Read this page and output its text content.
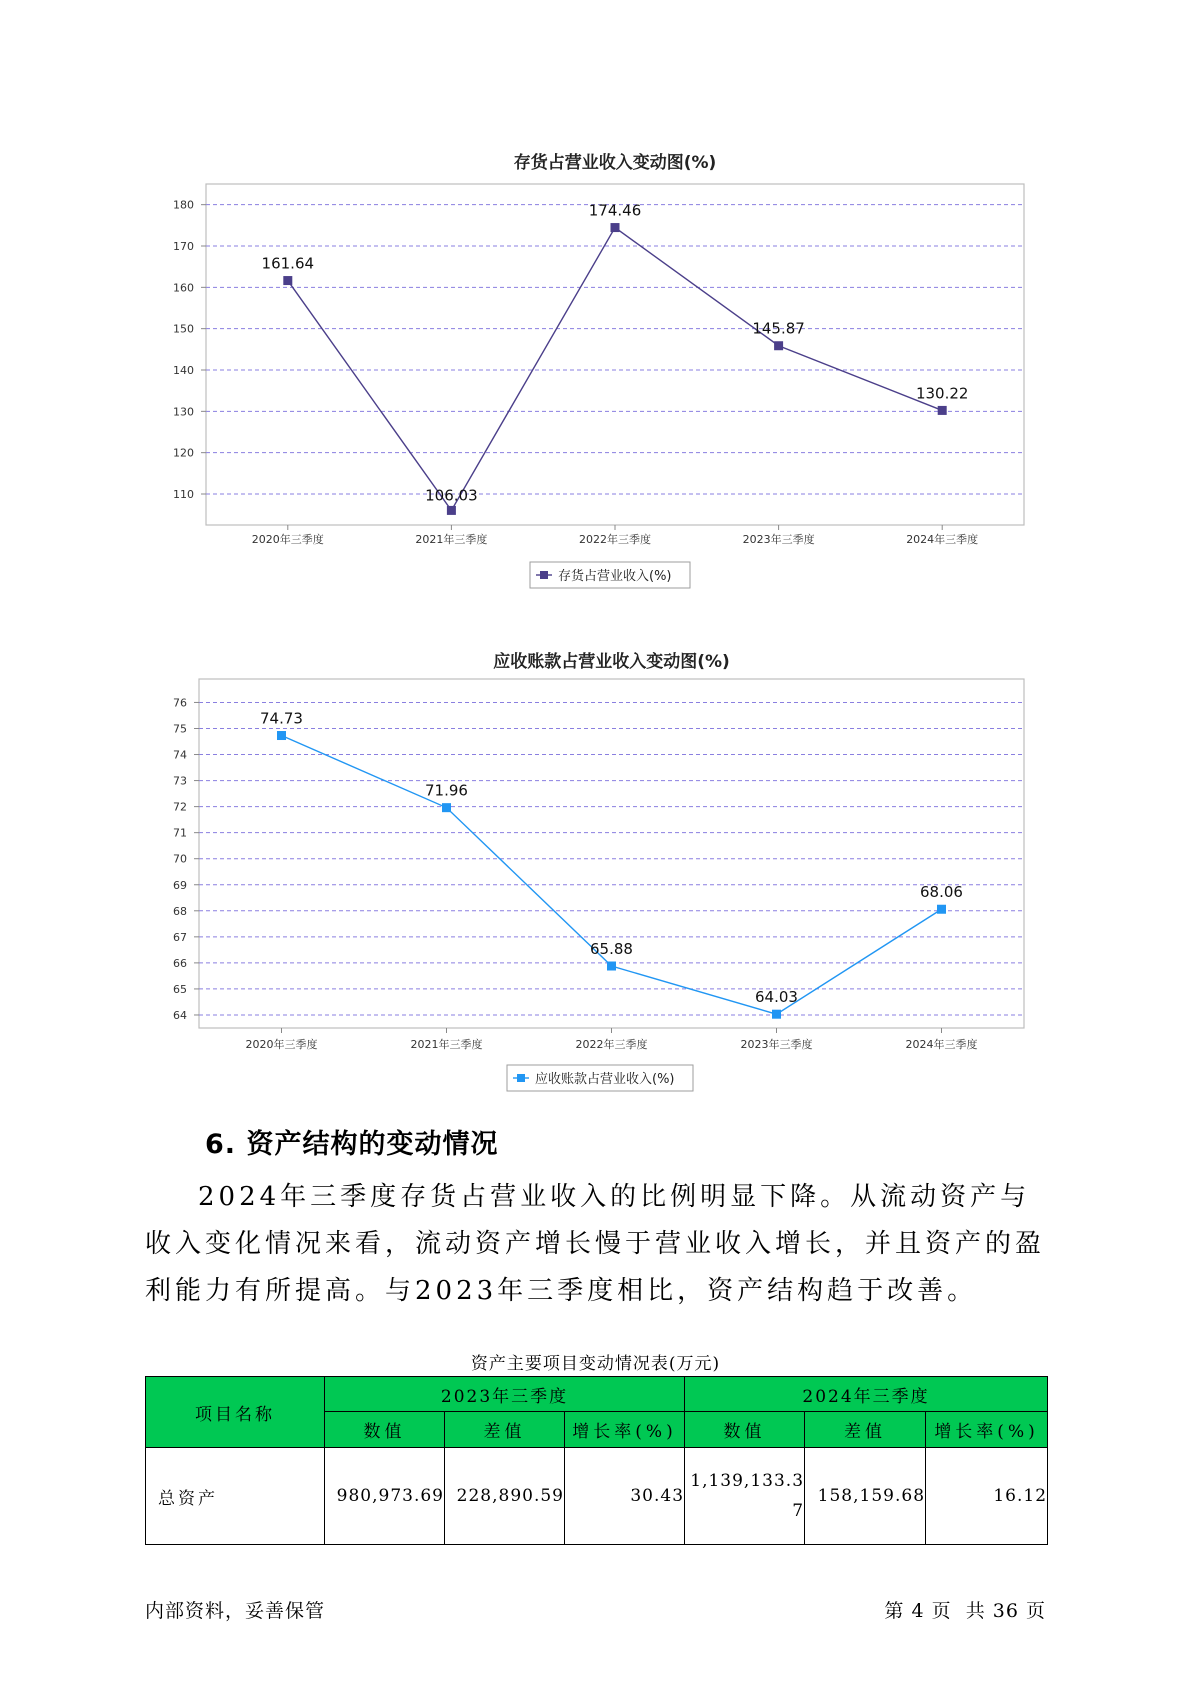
存货占营业收入变动图(%)
110
120
130
140
150
160
170
180
2020年三季度	2021年三季度	2022年三季度	2023年三季度	2024年三季度
161.64
106.03
174.46
145.87
130.22
存货占营业收入(%)
应收账款占营业收入变动图(%)
64
65
66
67
68
69
70
71
72
73
74
75
76
2020年三季度	2021年三季度	2022年三季度	2023年三季度	2024年三季度
74.73
71.96
65.88
64.03
68.06
应收账款占营业收入(%)
6. 资产结构的变动情况
2024年三季度存货占营业收入的比例明显下降。从流动资产与收入变化情况来看，流动资产增长慢于营业收入增长，并且资产的盈利能力有所提高。与2023年三季度相比，资产结构趋于改善。
资产主要项目变动情况表(万元)
项目名称	2023年三季度			2024年三季度		
	数值	差值	增长率(%)	数值	差值	增长率(%)
总资产	980,973.69	228,890.59	30.43	1,139,133.37	158,159.68	16.12
内部资料，妥善保管	第 4 页  共 36 页
